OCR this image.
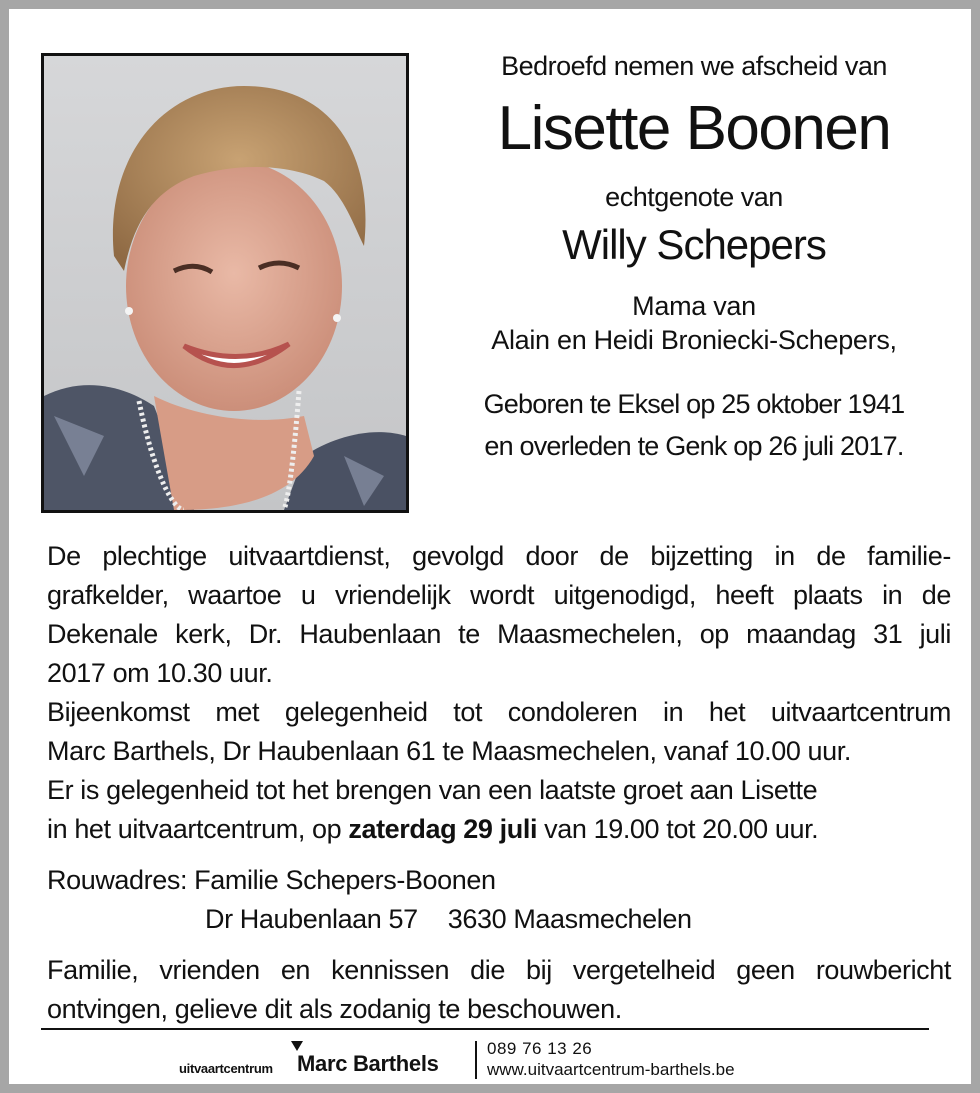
Bedroefd nemen we afscheid van
Lisette Boonen
echtgenote van
Willy Schepers
Mama van
Alain en Heidi Broniecki-Schepers,
Geboren te Eksel op 25 oktober 1941
en overleden te Genk op 26 juli 2017.
De plechtige uitvaartdienst, gevolgd door de bijzetting in de familie-
grafkelder, waartoe u vriendelijk wordt uitgenodigd, heeft plaats in de
Dekenale kerk, Dr. Haubenlaan te Maasmechelen, op maandag 31 juli
2017 om 10.30 uur.
Bijeenkomst met gelegenheid tot condoleren in het uitvaartcentrum
Marc Barthels, Dr Haubenlaan 61 te Maasmechelen, vanaf 10.00 uur.
Er is gelegenheid tot het brengen van een laatste groet aan Lisette
in het uitvaartcentrum, op zaterdag 29 juli van 19.00 tot 20.00 uur.
Rouwadres: Familie Schepers-Boonen
Dr Haubenlaan 57 3630 Maasmechelen
Familie, vrienden en kennissen die bij vergetelheid geen rouwbericht
ontvingen, gelieve dit als zodanig te beschouwen.
uitvaartcentrum Marc Barthels
089 76 13 26
www.uitvaartcentrum-barthels.be
